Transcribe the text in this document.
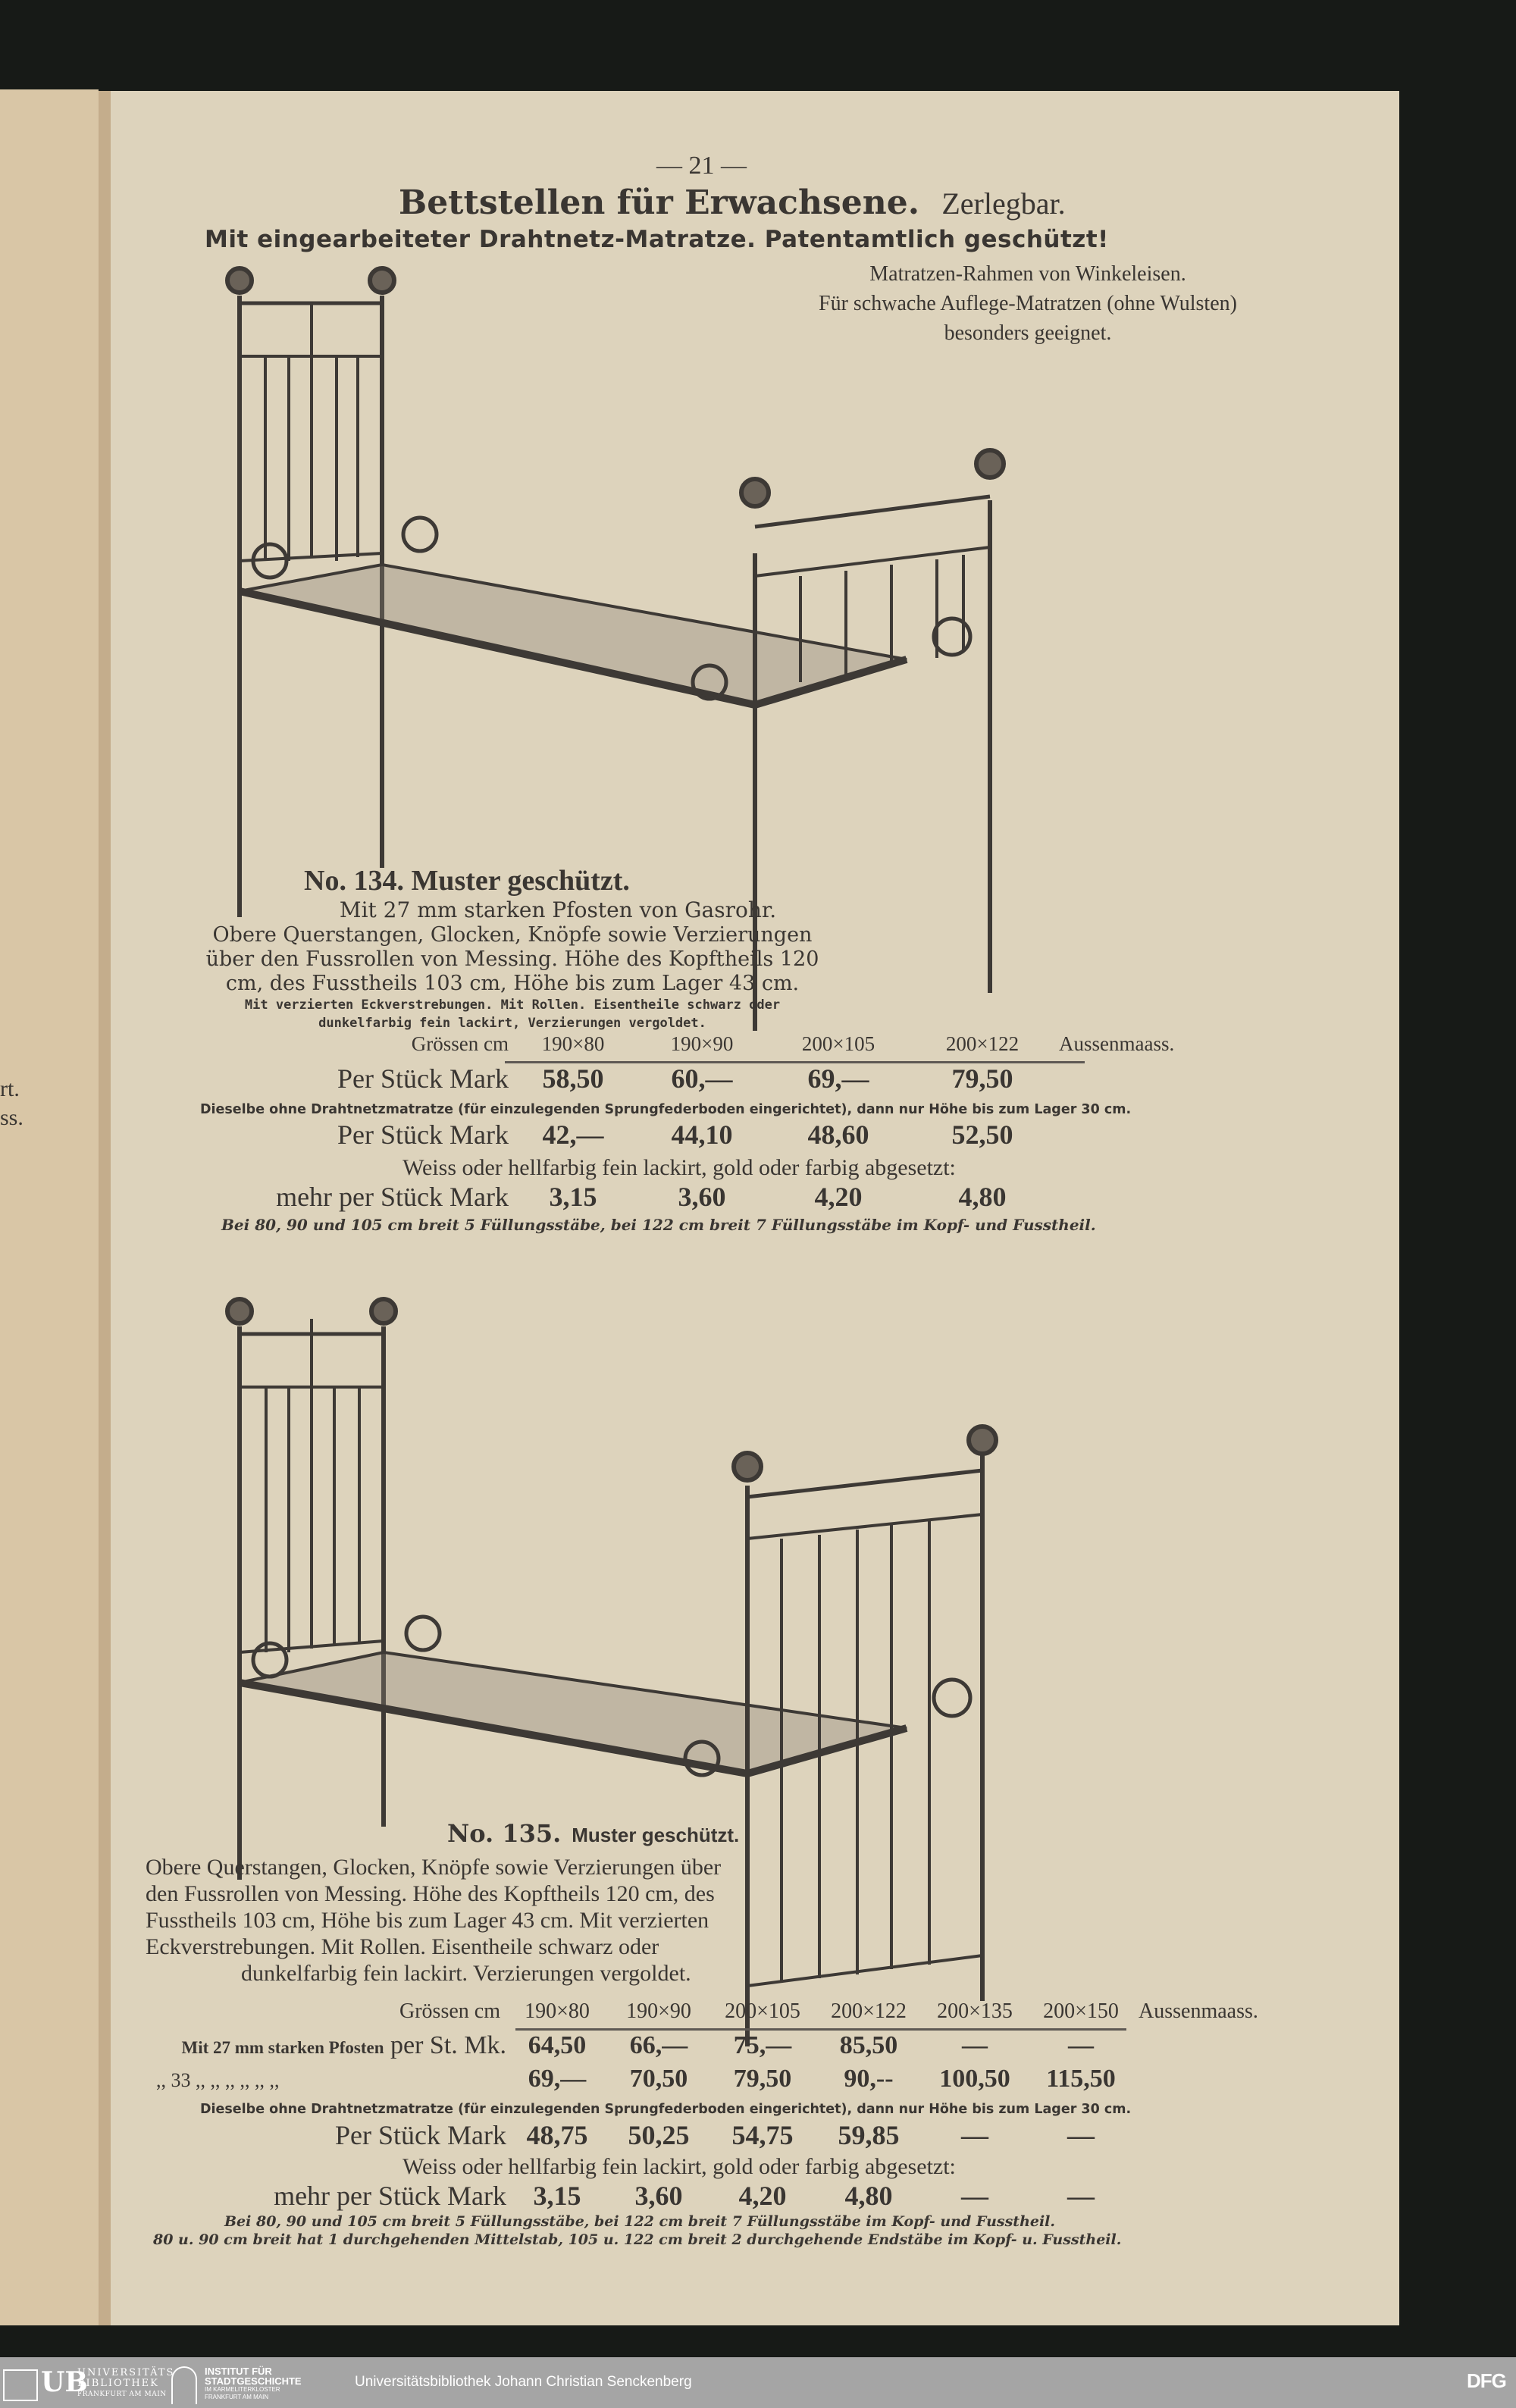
rt.
ss.
— 21 —
Bettstellen für Erwachsene. Zerlegbar.
Mit eingearbeiteter Drahtnetz-Matratze. Patentamtlich geschützt!
Matratzen-Rahmen von Winkeleisen.
Für schwache Auflege-Matratzen (ohne Wulsten)
besonders geeignet.
No. 134. Muster geschützt.
Mit 27 mm starken Pfosten von Gasrohr.
Obere Querstangen, Glocken, Knöpfe sowie Verzierungen
über den Fussrollen von Messing. Höhe des Kopftheils 120
cm, des Fusstheils 103 cm, Höhe bis zum Lager 43 cm.
Mit verzierten Eckverstrebungen. Mit Rollen. Eisentheile schwarz oder
dunkelfarbig fein lackirt, Verzierungen vergoldet.
Grössen cm	190×80	190×90	200×105	200×122	Aussenmaass.
Per Stück Mark	58,50	60,—	69,—	79,50
Dieselbe ohne Drahtnetzmatratze (für einzulegenden Sprungfederboden eingerichtet), dann nur Höhe bis zum Lager 30 cm.
Per Stück Mark	42,—	44,10	48,60	52,50
Weiss oder hellfarbig fein lackirt, gold oder farbig abgesetzt:
mehr per Stück Mark	3,15	3,60	4,20	4,80
Bei 80, 90 und 105 cm breit 5 Füllungsstäbe, bei 122 cm breit 7 Füllungsstäbe im Kopf- und Fusstheil.
No. 135. Muster geschützt.
Obere Querstangen, Glocken, Knöpfe sowie Verzierungen über
den Fussrollen von Messing. Höhe des Kopftheils 120 cm, des
Fusstheils 103 cm, Höhe bis zum Lager 43 cm. Mit verzierten
Eckverstrebungen. Mit Rollen. Eisentheile schwarz oder
dunkelfarbig fein lackirt. Verzierungen vergoldet.
Grössen cm	190×80	190×90	200×105	200×122	200×135	200×150 Aussenmaass.
Mit 27 mm starken Pfosten per St. Mk. 64,50	66,—	75,—	85,50	—	—
,, 33 ,, ,, ,, ,, ,, ,,	69,—	70,50	79,50	90,--	100,50	115,50
Dieselbe ohne Drahtnetzmatratze (für einzulegenden Sprungfederboden eingerichtet), dann nur Höhe bis zum Lager 30 cm.
Per Stück Mark 48,75	50,25	54,75	59,85	—	—
Weiss oder hellfarbig fein lackirt, gold oder farbig abgesetzt:
mehr per Stück Mark 3,15	3,60	4,20	4,80	—	—
Bei 80, 90 und 105 cm breit 5 Füllungsstäbe, bei 122 cm breit 7 Füllungsstäbe im Kopf- und Fusstheil.
80 u. 90 cm breit hat 1 durchgehenden Mittelstab, 105 u. 122 cm breit 2 durchgehende Endstäbe im Kopf- u. Fusstheil.
UB
UNIVERSITÄTS
BIBLIOTHEK
FRANKFURT AM MAIN
INSTITUT FÜR
STADTGESCHICHTE
IM KARMELITERKLOSTER
FRANKFURT AM MAIN
Universitätsbibliothek Johann Christian Senckenberg	DFG
